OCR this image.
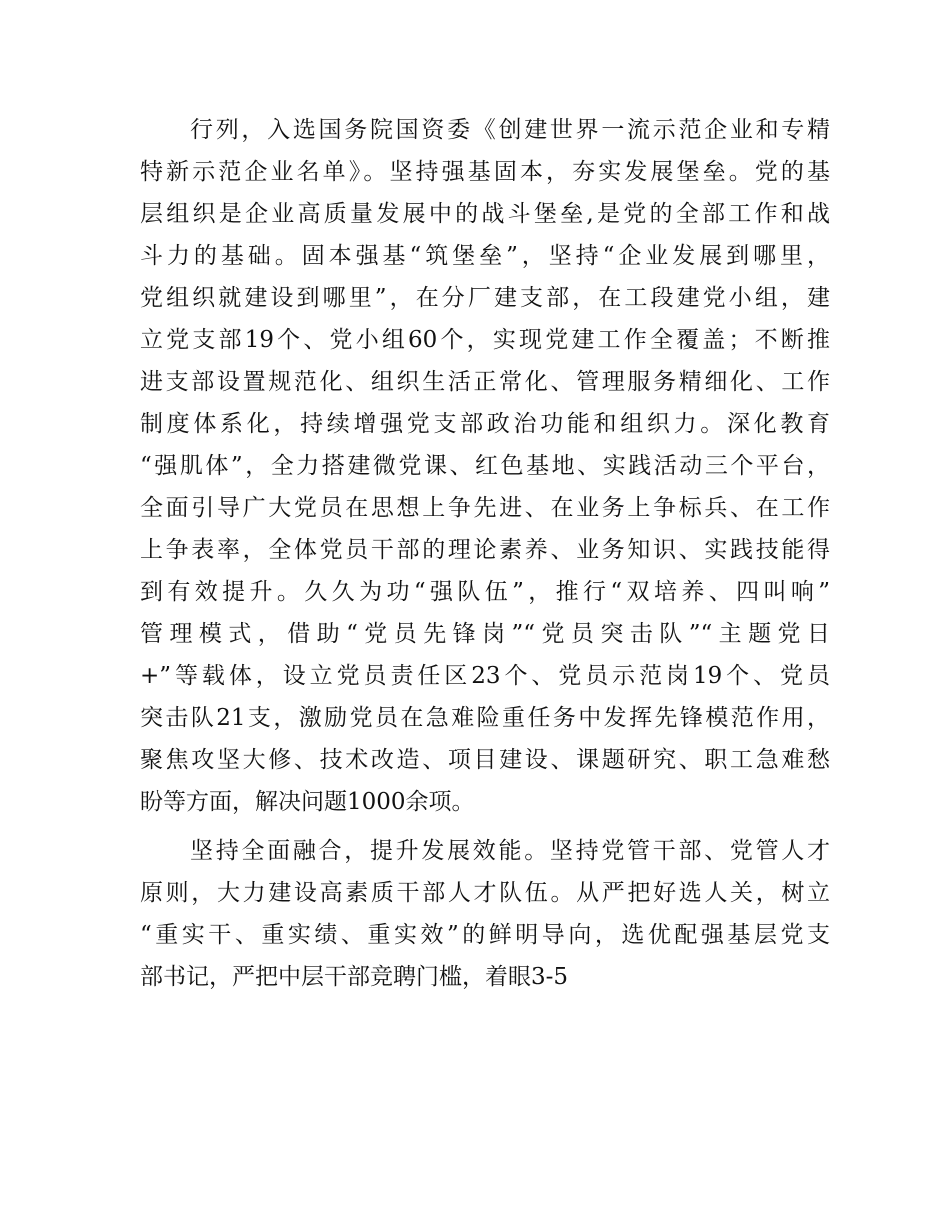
行列，入选国务院国资委《创建世界一流示范企业和专精
特新示范企业名单》。坚持强基固本，夯实发展堡垒。党的基
层组织是企业高质量发展中的战斗堡垒,是党的全部工作和战
斗力的基础。固本强基“筑堡垒”，坚持“企业发展到哪里，
党组织就建设到哪里”，在分厂建支部，在工段建党小组，建
立党支部19个、党小组60个，实现党建工作全覆盖；不断推
进支部设置规范化、组织生活正常化、管理服务精细化、工作
制度体系化，持续增强党支部政治功能和组织力。深化教育
“强肌体”，全力搭建微党课、红色基地、实践活动三个平台，
全面引导广大党员在思想上争先进、在业务上争标兵、在工作
上争表率，全体党员干部的理论素养、业务知识、实践技能得
到有效提升。久久为功“强队伍”，推行“双培养、四叫响”
管理模式，借助“党员先锋岗”“党员突击队”“主题党日
+”等载体，设立党员责任区23个、党员示范岗19个、党员
突击队21支，激励党员在急难险重任务中发挥先锋模范作用，
聚焦攻坚大修、技术改造、项目建设、课题研究、职工急难愁
盼等方面，解决问题1000余项。
坚持全面融合，提升发展效能。坚持党管干部、党管人才
原则，大力建设高素质干部人才队伍。从严把好选人关，树立
“重实干、重实绩、重实效”的鲜明导向，选优配强基层党支
部书记，严把中层干部竞聘门槛，着眼3-5
